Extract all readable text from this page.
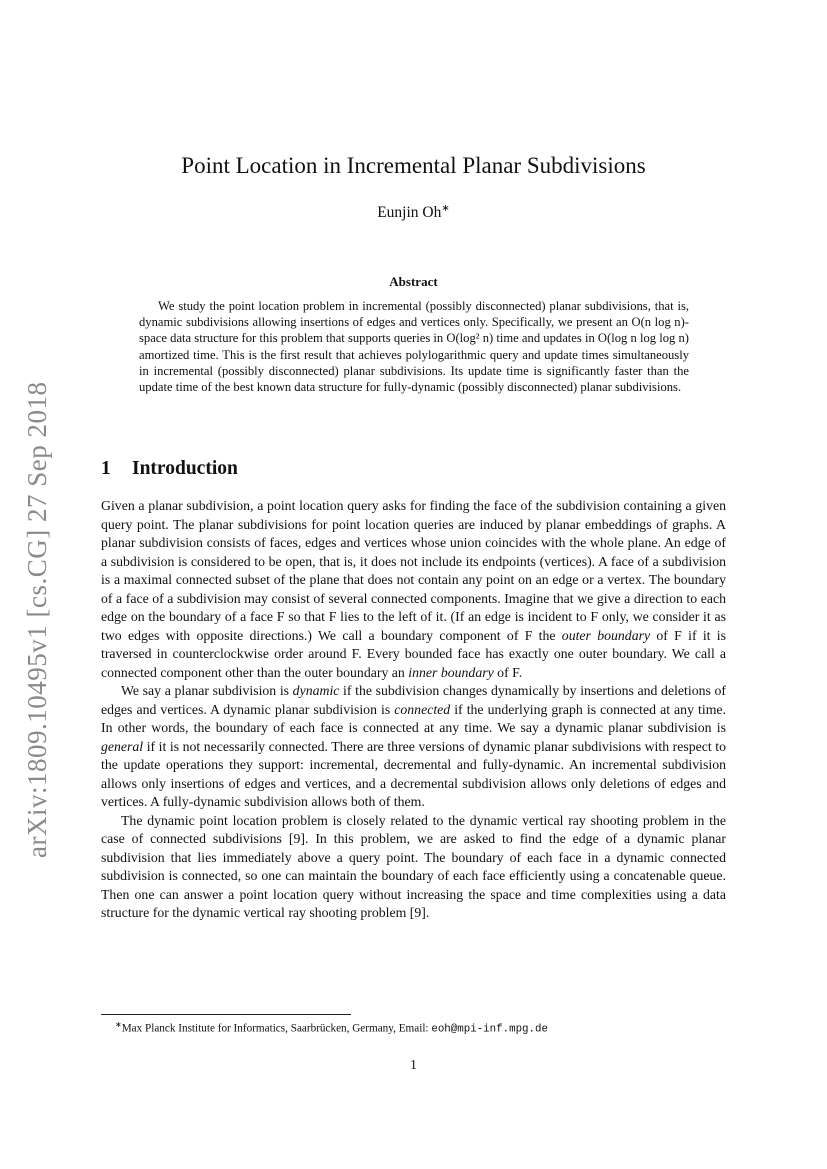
arXiv:1809.10495v1 [cs.CG] 27 Sep 2018
Point Location in Incremental Planar Subdivisions
Eunjin Oh∗
Abstract

We study the point location problem in incremental (possibly disconnected) planar subdivisions, that is, dynamic subdivisions allowing insertions of edges and vertices only. Specifically, we present an O(n log n)-space data structure for this problem that supports queries in O(log² n) time and updates in O(log n log log n) amortized time. This is the first result that achieves polylogarithmic query and update times simultaneously in incremental (possibly disconnected) planar subdivisions. Its update time is significantly faster than the update time of the best known data structure for fully-dynamic (possibly disconnected) planar subdivisions.

1 Introduction

Given a planar subdivision, a point location query asks for finding the face of the subdivision containing a given query point. The planar subdivisions for point location queries are induced by planar embeddings of graphs. A planar subdivision consists of faces, edges and vertices whose union coincides with the whole plane. An edge of a subdivision is considered to be open, that is, it does not include its endpoints (vertices). A face of a subdivision is a maximal connected subset of the plane that does not contain any point on an edge or a vertex. The boundary of a face of a subdivision may consist of several connected components. Imagine that we give a direction to each edge on the boundary of a face F so that F lies to the left of it. (If an edge is incident to F only, we consider it as two edges with opposite directions.) We call a boundary component of F the outer boundary of F if it is traversed in counterclockwise order around F. Every bounded face has exactly one outer boundary. We call a connected component other than the outer boundary an inner boundary of F.

We say a planar subdivision is dynamic if the subdivision changes dynamically by insertions and deletions of edges and vertices. A dynamic planar subdivision is connected if the underlying graph is connected at any time. In other words, the boundary of each face is connected at any time. We say a dynamic planar subdivision is general if it is not necessarily connected. There are three versions of dynamic planar subdivisions with respect to the update operations they support: incremental, decremental and fully-dynamic. An incremental subdivision allows only insertions of edges and vertices, and a decremental subdivision allows only deletions of edges and vertices. A fully-dynamic subdivision allows both of them.

The dynamic point location problem is closely related to the dynamic vertical ray shooting problem in the case of connected subdivisions [9]. In this problem, we are asked to find the edge of a dynamic planar subdivision that lies immediately above a query point. The boundary of each face in a dynamic connected subdivision is connected, so one can maintain the boundary of each face efficiently using a concatenable queue. Then one can answer a point location query without increasing the space and time complexities using a data structure for the dynamic vertical ray shooting problem [9].

∗Max Planck Institute for Informatics, Saarbrücken, Germany, Email: eoh@mpi-inf.mpg.de
1
